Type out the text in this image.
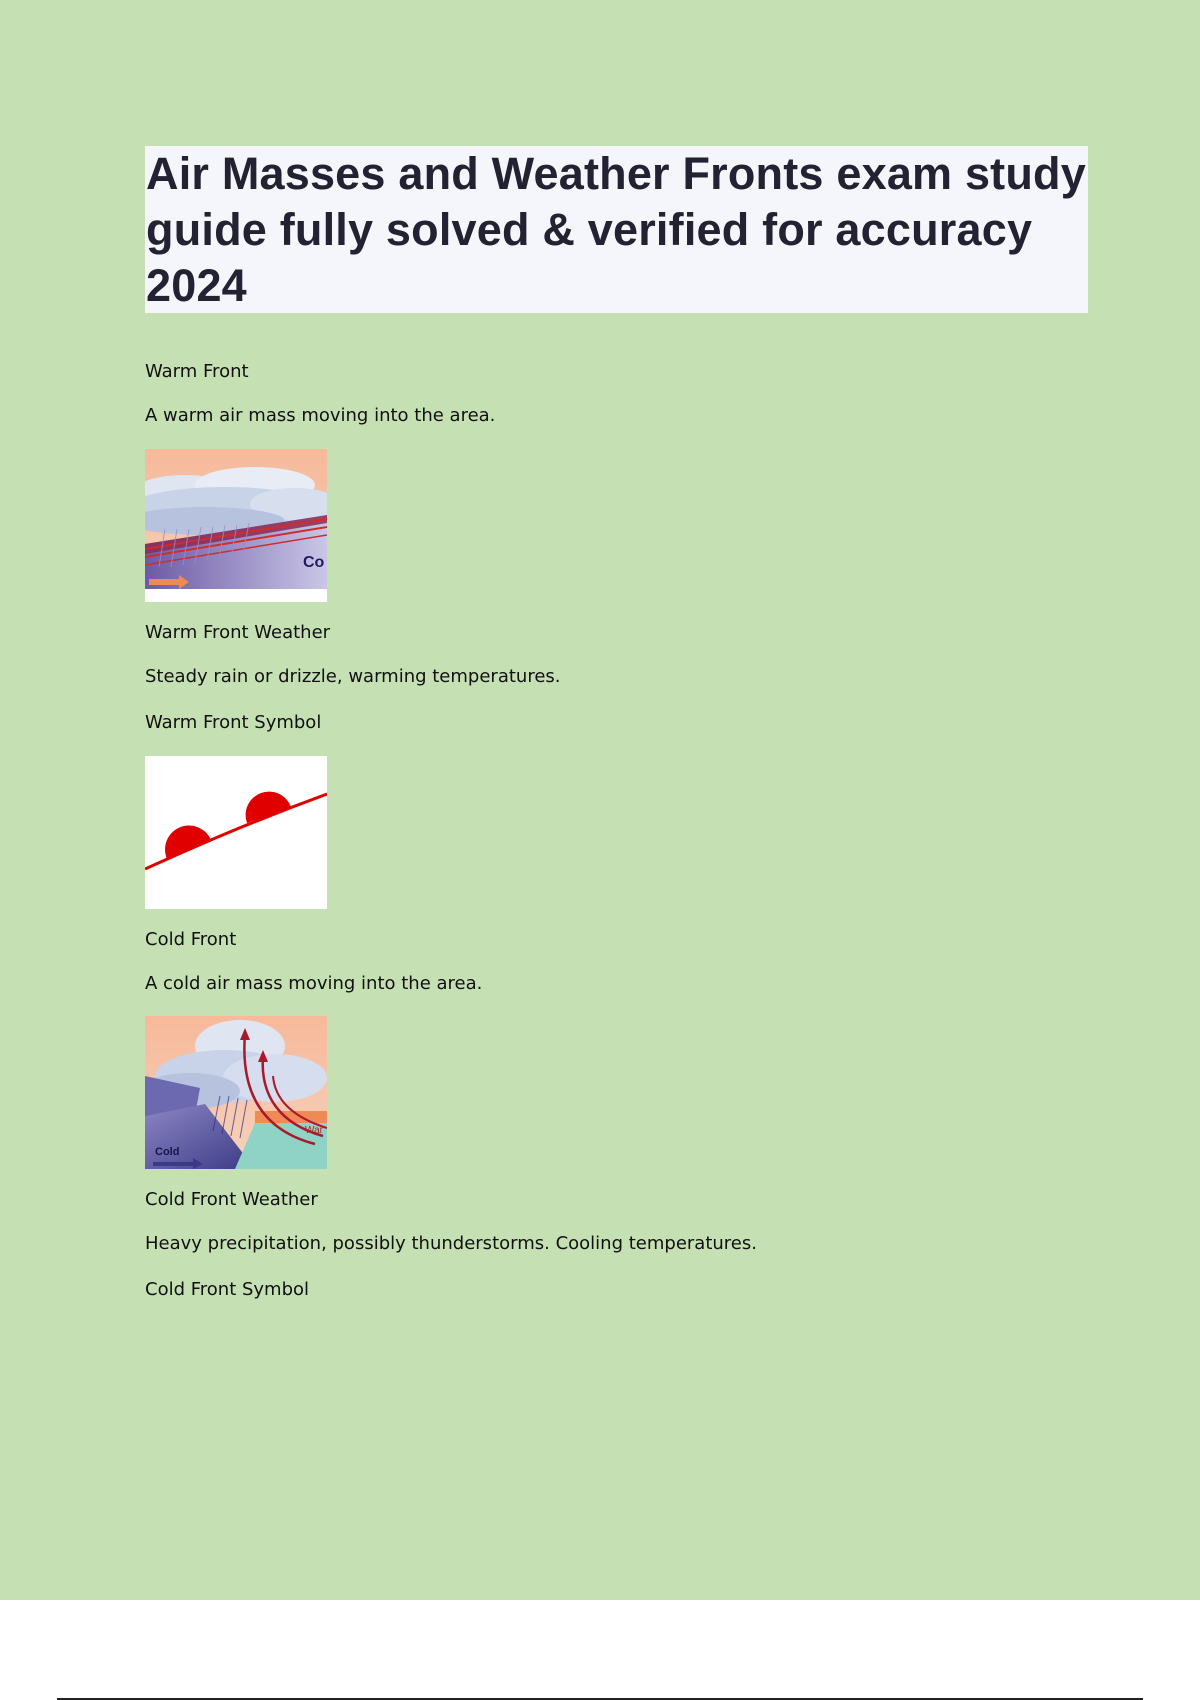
Air Masses and Weather Fronts exam study guide fully solved & verified for accuracy 2024
Warm Front
A warm air mass moving into the area.
Co
Warm Front Weather
Steady rain or drizzle, warming temperatures.
Warm Front Symbol
Cold Front
A cold air mass moving into the area.
Cold
War
Cold Front Weather
Heavy precipitation, possibly thunderstorms. Cooling temperatures.
Cold Front Symbol
